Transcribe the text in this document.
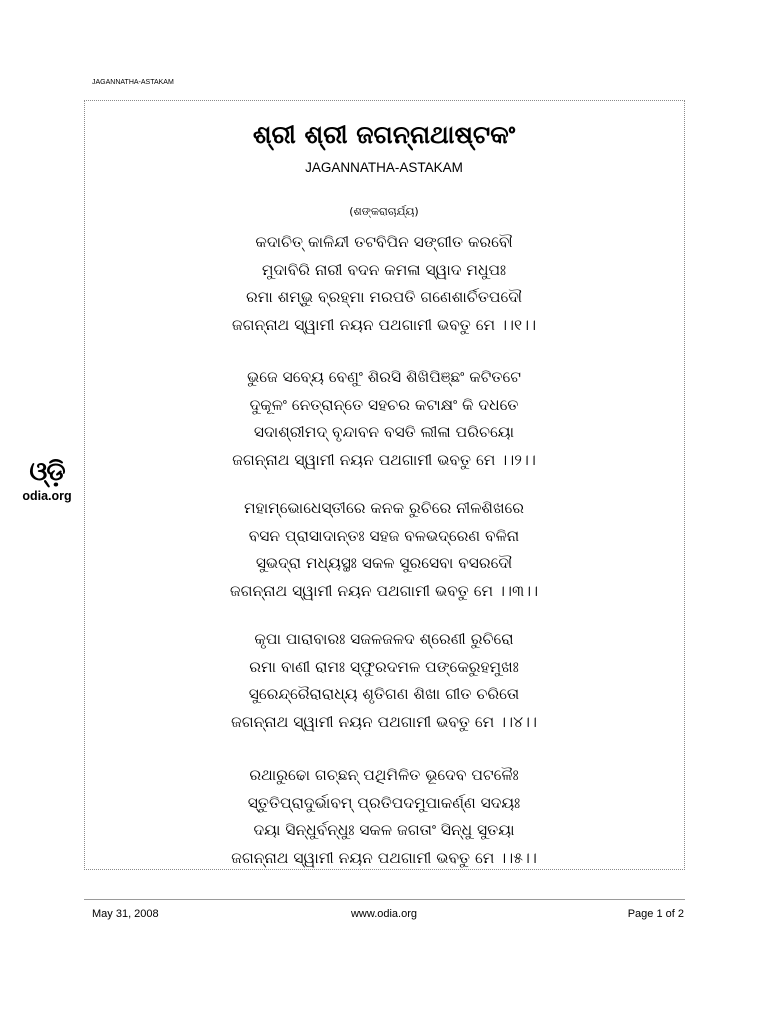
JAGANNATHA-ASTAKAM
ଶ୍ରୀ ଶ୍ରୀ ଜଗନ୍ନାଥାଷ୍ଟକଂ
JAGANNATHA-ASTAKAM
(ଶଙ୍କରାଚାର୍ଯ୍ୟ)
କଦାଚିତ୍ କାଳିନ୍ଦୀ ତଟବିପିନ ସଙ୍ଗୀତ କରବୌ
ମୁଦାବିରି ନାରୀ ବଦନ କମଳା ସ୍ୱାଦ ମଧୁପଃ
ରମା ଶମ୍ଭୁ ବ୍ରହ୍ମା ମରପତି ଗଣେଶାର୍ଚିତପଦୌ
ଜଗନ୍ନାଥ ସ୍ୱାମୀ ନୟନ ପଥଗାମୀ ଭବତୁ ମେ ।।୧।।
ଭୁଜେ ସବ୍ୟେ ବେଣୁଂ ଶିରସି ଶିଖିପିଞ୍ଛଂ କଟିତଟେ
ଦୁକୂଳଂ ନେତ୍ରାନ୍ତେ ସହଚର କଟାକ୍ଷଂ କି ଦଧତେ
ସଦାଶ୍ରୀମଦ୍ ବୃନ୍ଦାବନ ବସତି ଲୀଳା ପରିଚୟୋ
ଜଗନ୍ନାଥ ସ୍ୱାମୀ ନୟନ ପଥଗାମୀ ଭବତୁ ମେ ।।୨।।
ମହାମ୍ଭୋଧେସ୍ତୀରେ କନକ ରୁଚିରେ ନୀଳଶିଖରେ
ବସନ ପ୍ରାସାଦାନ୍ତଃ ସହଜ ବଳଭଦ୍ରେଣ ବଳିନା
ସୁଭଦ୍ରା ମଧ୍ୟସ୍ଥଃ ସକଳ ସୁରସେବା ବସରଦୌ
ଜଗନ୍ନାଥ ସ୍ୱାମୀ ନୟନ ପଥଗାମୀ ଭବତୁ ମେ ।।୩।।
କୃପା ପାରାବାରଃ ସଜଳଜଳଦ ଶ୍ରେଣୀ ରୁଚିରୋ
ରମା ବାଣୀ ରାମଃ ସ୍ଫୁରଦମଳ ପଙ୍କେରୁହମୁଖଃ
ସୁରେନ୍ଦ୍ରୈରାରାଧ୍ୟ ଶୃତିଗଣ ଶିଖା ଗୀତ ଚରିତୋ
ଜଗନ୍ନାଥ ସ୍ୱାମୀ ନୟନ ପଥଗାମୀ ଭବତୁ ମେ ।।୪।।
ରଥାରୁଢୋ ଗଚ୍ଛନ୍ ପଥିମିଳିତ ଭୂଦେବ ପଟଳୈଃ
ସ୍ତୁତିପ୍ରାଦୁର୍ଭାବମ୍ ପ୍ରତିପଦମୁପାକର୍ଣ୍ଣ ସଦୟଃ
ଦୟା ସିନ୍ଧୁର୍ବନ୍ଧୁଃ ସକଳ ଜଗତାଂ ସିନ୍ଧୁ ସୁତୟା
ଜଗନ୍ନାଥ ସ୍ୱାମୀ ନୟନ ପଥଗାମୀ ଭବତୁ ମେ ।।୫।।
ଓ୍ଡ଼ି
odia.org
May 31, 2008	www.odia.org	Page 1 of 2
